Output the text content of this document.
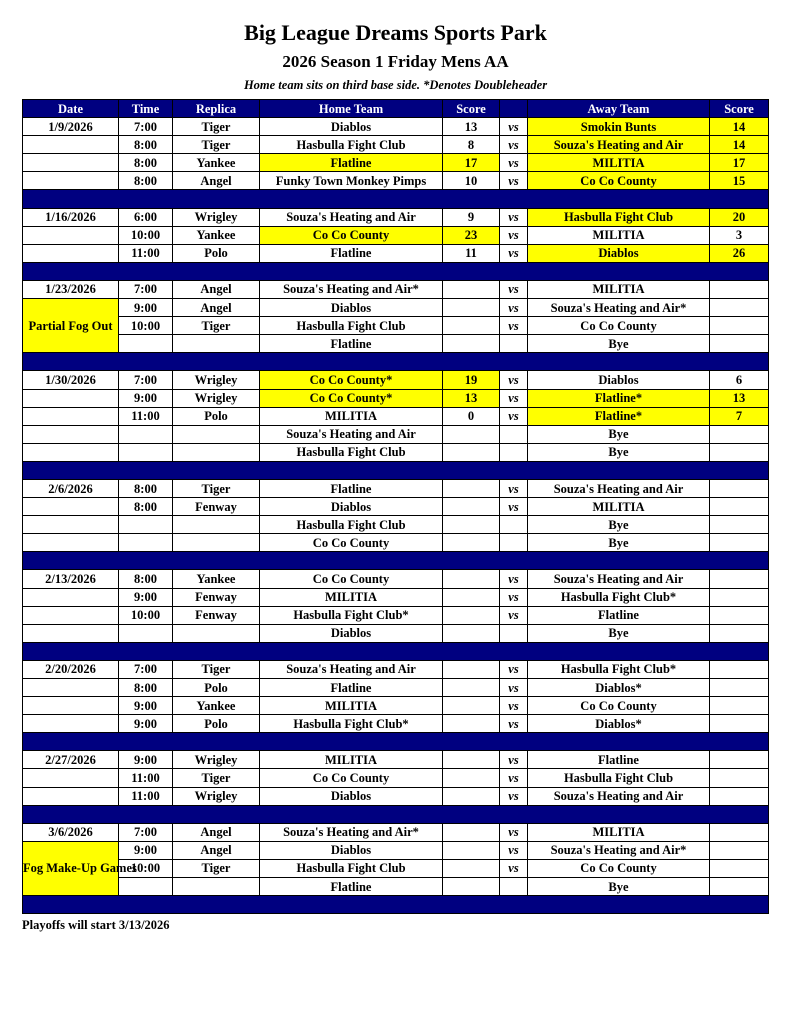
Big League Dreams Sports Park
2026 Season 1 Friday Mens AA
Home team sits on third base side. *Denotes Doubleheader
Date	Time	Replica	Home Team	Score		Away Team	Score
1/9/2026	7:00	Tiger	Diablos	13	vs	Smokin Bunts	14
	8:00	Tiger	Hasbulla Fight Club	8	vs	Souza's Heating and Air	14
	8:00	Yankee	Flatline	17	vs	MILITIA	17
	8:00	Angel	Funky Town Monkey Pimps	10	vs	Co Co County	15

1/16/2026	6:00	Wrigley	Souza's Heating and Air	9	vs	Hasbulla Fight Club	20
	10:00	Yankee	Co Co County	23	vs	MILITIA	3
	11:00	Polo	Flatline	11	vs	Diablos	26

1/23/2026	7:00	Angel	Souza's Heating and Air*		vs	MILITIA	
Partial Fog Out	9:00	Angel	Diablos		vs	Souza's Heating and Air*	
	10:00	Tiger	Hasbulla Fight Club		vs	Co Co County	
			Flatline			Bye	

1/30/2026	7:00	Wrigley	Co Co County*	19	vs	Diablos	6
	9:00	Wrigley	Co Co County*	13	vs	Flatline*	13
	11:00	Polo	MILITIA	0	vs	Flatline*	7
			Souza's Heating and Air			Bye	
			Hasbulla Fight Club			Bye	

2/6/2026	8:00	Tiger	Flatline		vs	Souza's Heating and Air	
	8:00	Fenway	Diablos		vs	MILITIA	
			Hasbulla Fight Club			Bye	
			Co Co County			Bye	

2/13/2026	8:00	Yankee	Co Co County		vs	Souza's Heating and Air	
	9:00	Fenway	MILITIA		vs	Hasbulla Fight Club*	
	10:00	Fenway	Hasbulla Fight Club*		vs	Flatline	
			Diablos			Bye	

2/20/2026	7:00	Tiger	Souza's Heating and Air		vs	Hasbulla Fight Club*	
	8:00	Polo	Flatline		vs	Diablos*	
	9:00	Yankee	MILITIA		vs	Co Co County	
	9:00	Polo	Hasbulla Fight Club*		vs	Diablos*	

2/27/2026	9:00	Wrigley	MILITIA		vs	Flatline	
	11:00	Tiger	Co Co County		vs	Hasbulla Fight Club	
	11:00	Wrigley	Diablos		vs	Souza's Heating and Air	

3/6/2026	7:00	Angel	Souza's Heating and Air*		vs	MILITIA	
Fog Make-Up Games	9:00	Angel	Diablos		vs	Souza's Heating and Air*	
	10:00	Tiger	Hasbulla Fight Club		vs	Co Co County	
			Flatline			Bye	

Playoffs will start 3/13/2026
